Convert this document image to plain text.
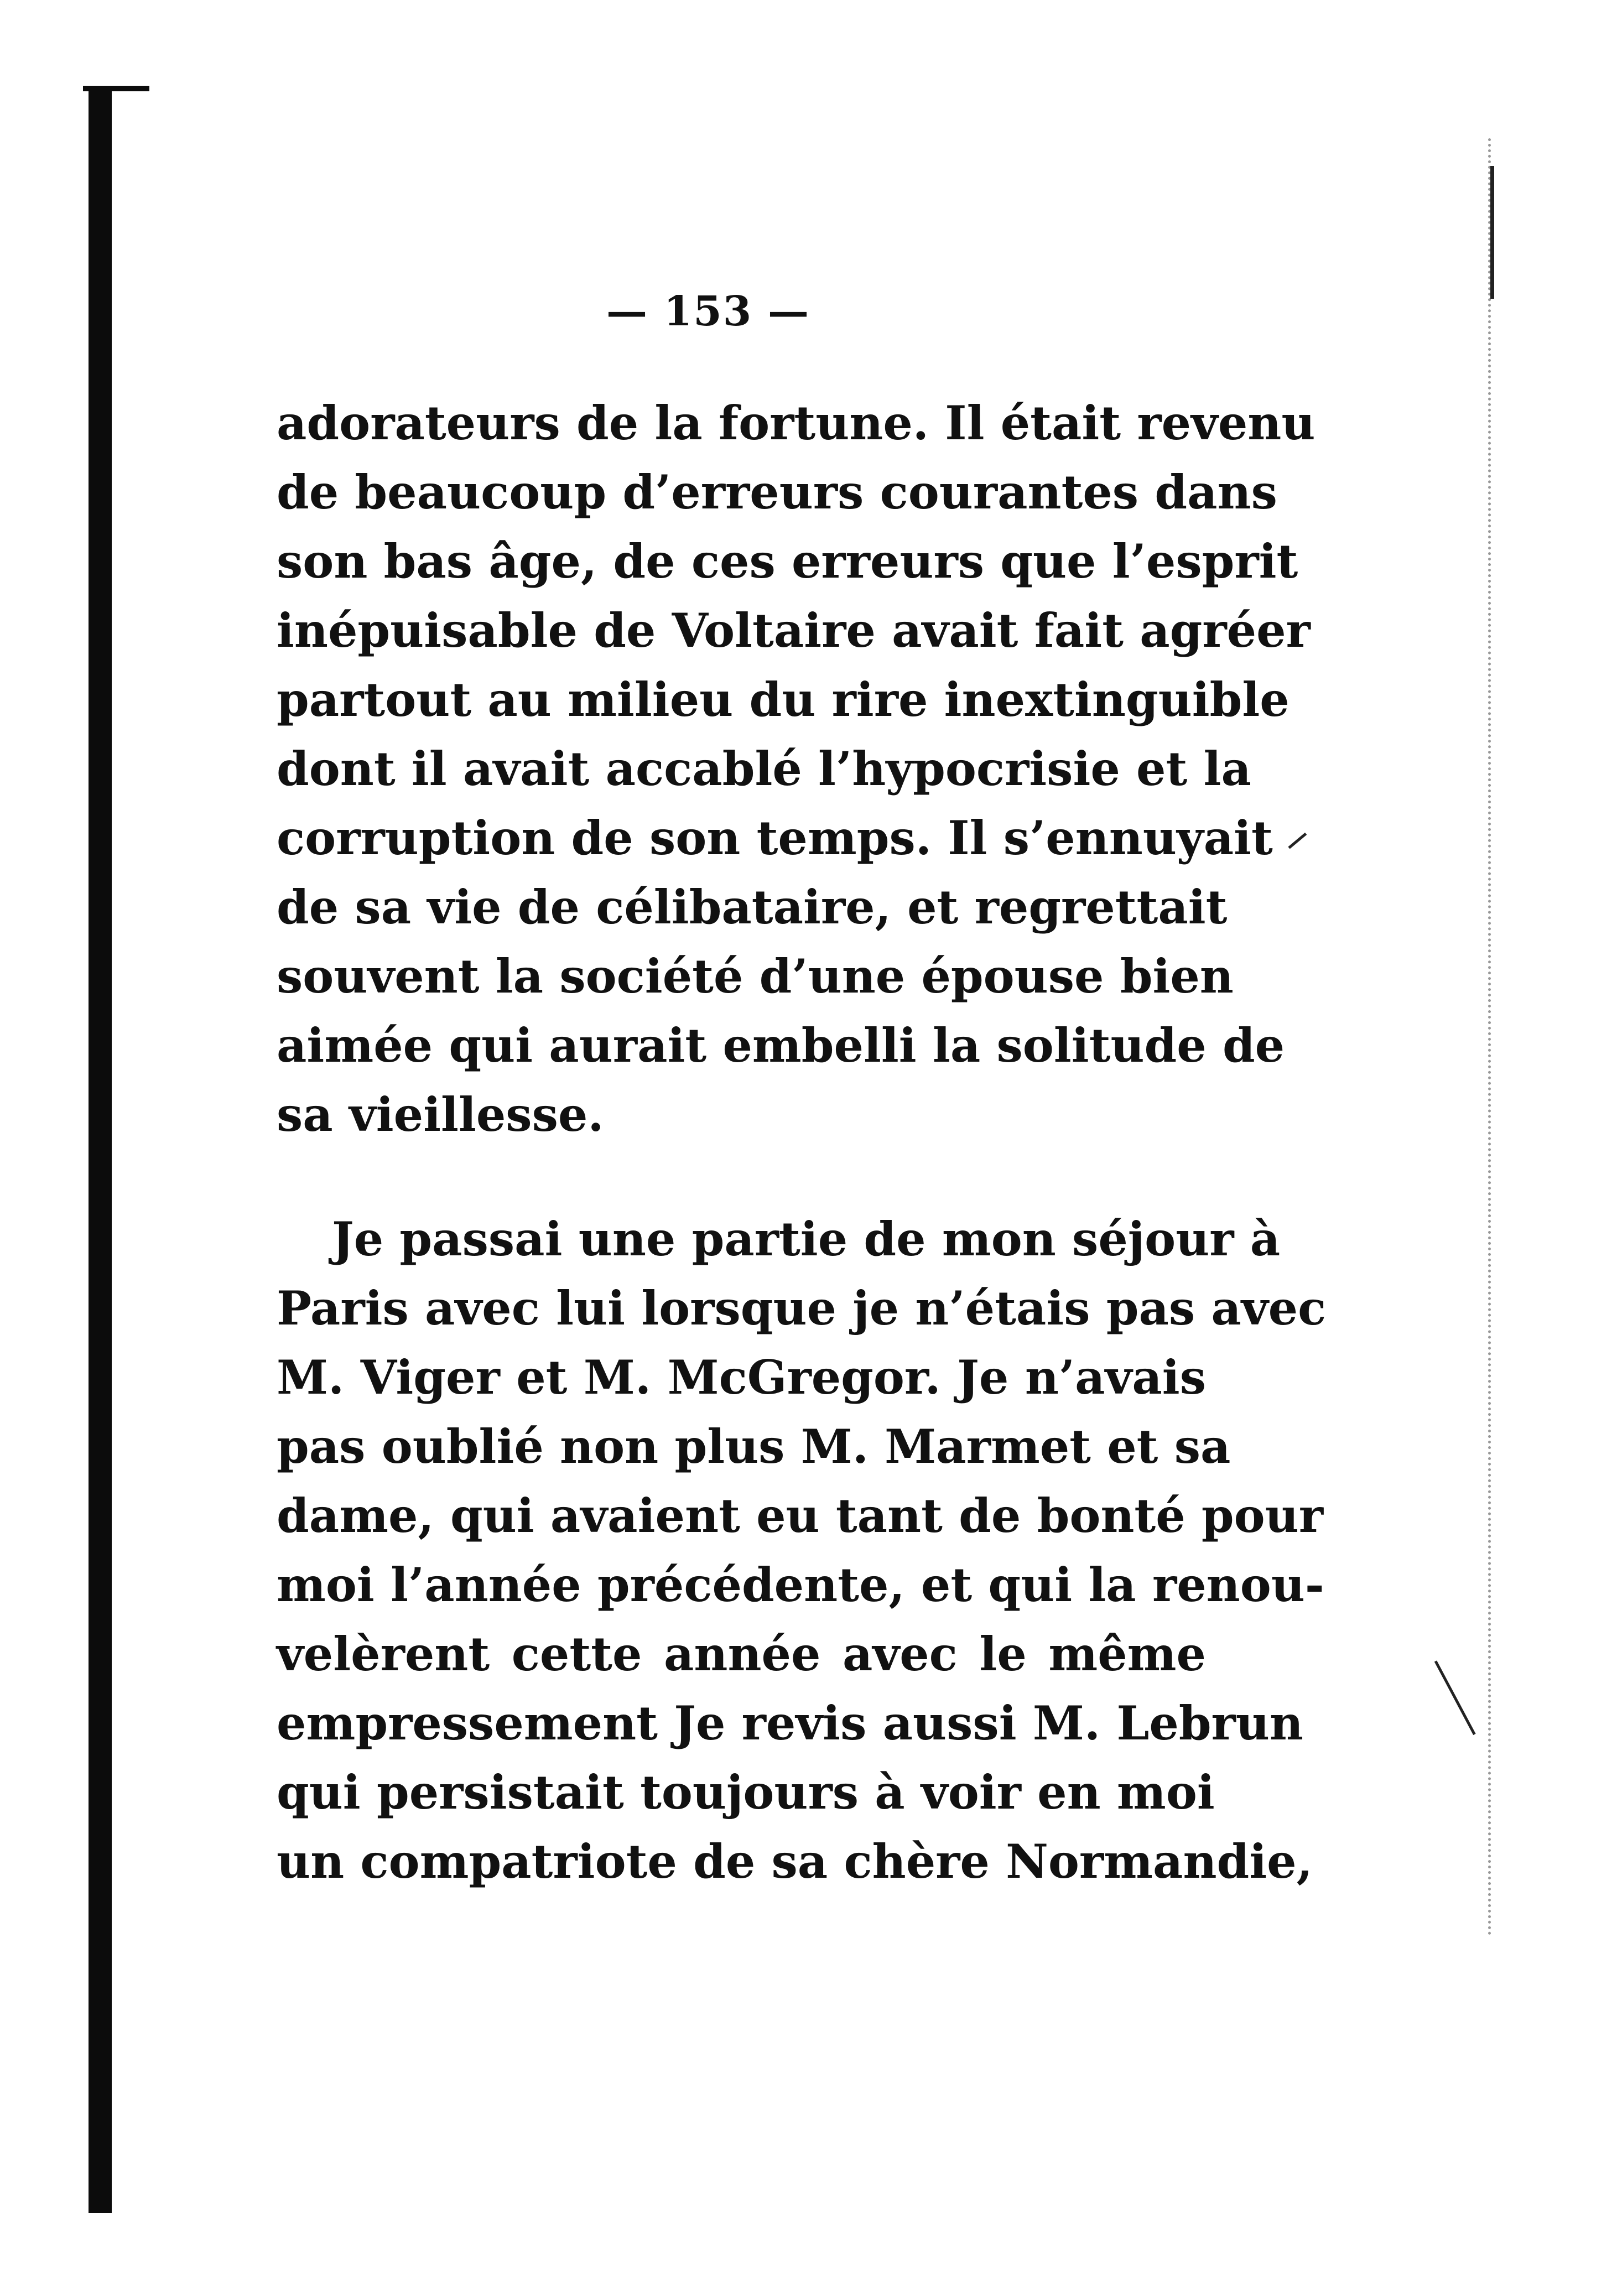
— 153 —
adorateurs de la fortune. Il était revenu
de beaucoup d’erreurs courantes dans
son bas âge, de ces erreurs que l’esprit
inépuisable de Voltaire avait fait agréer
partout au milieu du rire inextinguible
dont il avait accablé l’hypocrisie et la
corruption de son temps. Il s’ennuyait
de sa vie de célibataire, et regrettait
souvent la société d’une épouse bien
aimée qui aurait embelli la solitude de
sa vieillesse.
Je passai une partie de mon séjour à
Paris avec lui lorsque je n’étais pas avec
M. Viger et M. McGregor. Je n’avais
pas oublié non plus M. Marmet et sa
dame, qui avaient eu tant de bonté pour
moi l’année précédente, et qui la renou-
velèrent cette année avec le même
empressement Je revis aussi M. Lebrun
qui persistait toujours à voir en moi
un compatriote de sa chère Normandie,
